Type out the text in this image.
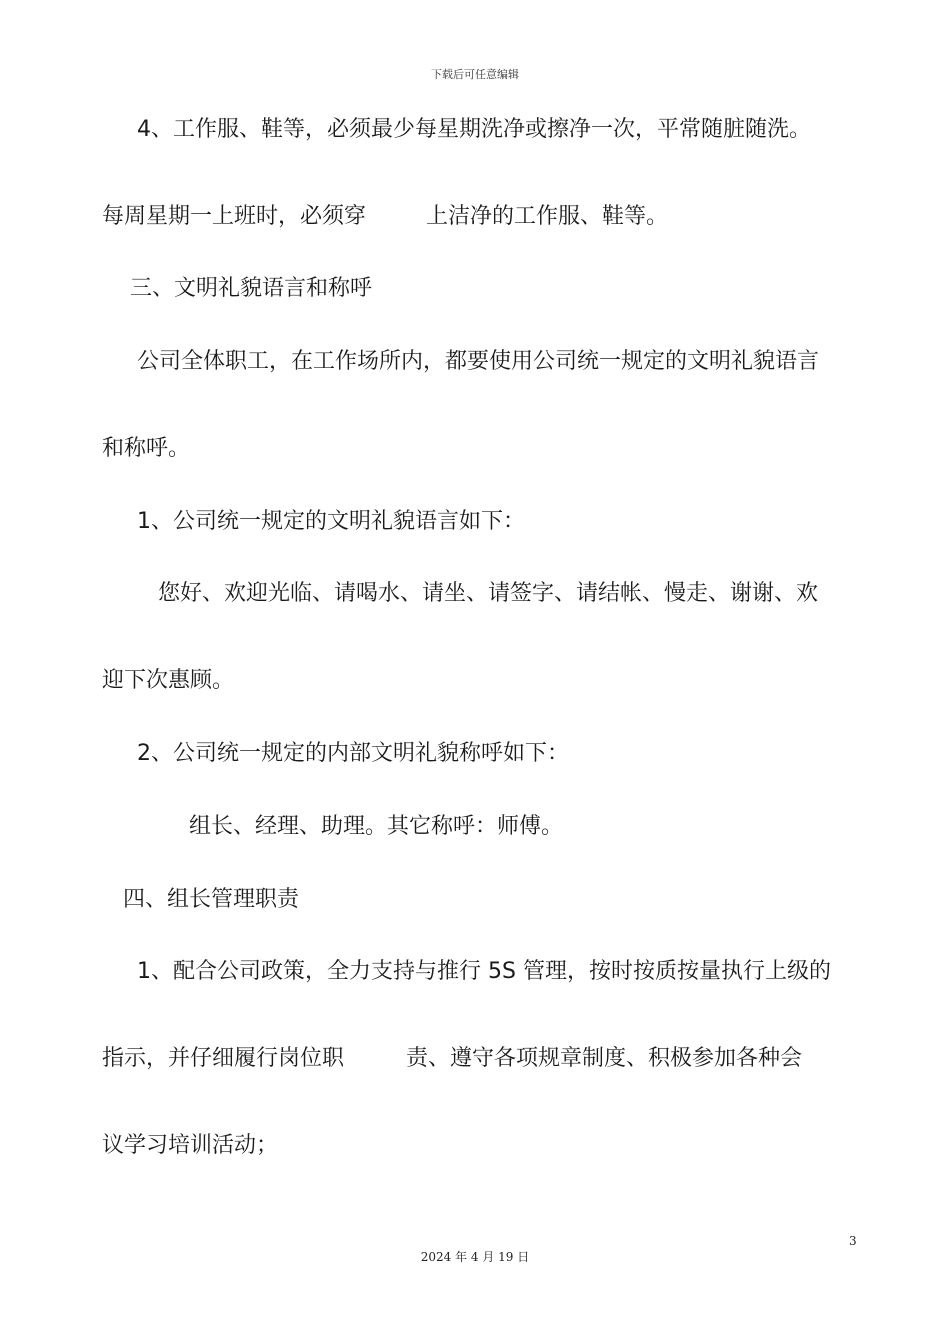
下载后可任意编辑
4、工作服、鞋等，必须最少每星期洗净或擦净一次，平常随脏随洗。
每周星期一上班时，必须穿	上洁净的工作服、鞋等。
三、文明礼貌语言和称呼
公司全体职工，在工作场所内，都要使用公司统一规定的文明礼貌语言
和称呼。
1、公司统一规定的文明礼貌语言如下：
您好、欢迎光临、请喝水、请坐、请签字、请结帐、慢走、谢谢、欢
迎下次惠顾。
2、公司统一规定的内部文明礼貌称呼如下：
组长、经理、助理。其它称呼：师傅。
四、组长管理职责
1、配合公司政策，全力支持与推行 5S 管理，按时按质按量执行上级的
指示，并仔细履行岗位职	责、遵守各项规章制度、积极参加各种会
议学习培训活动；
3
2024 年 4 月 19 日
